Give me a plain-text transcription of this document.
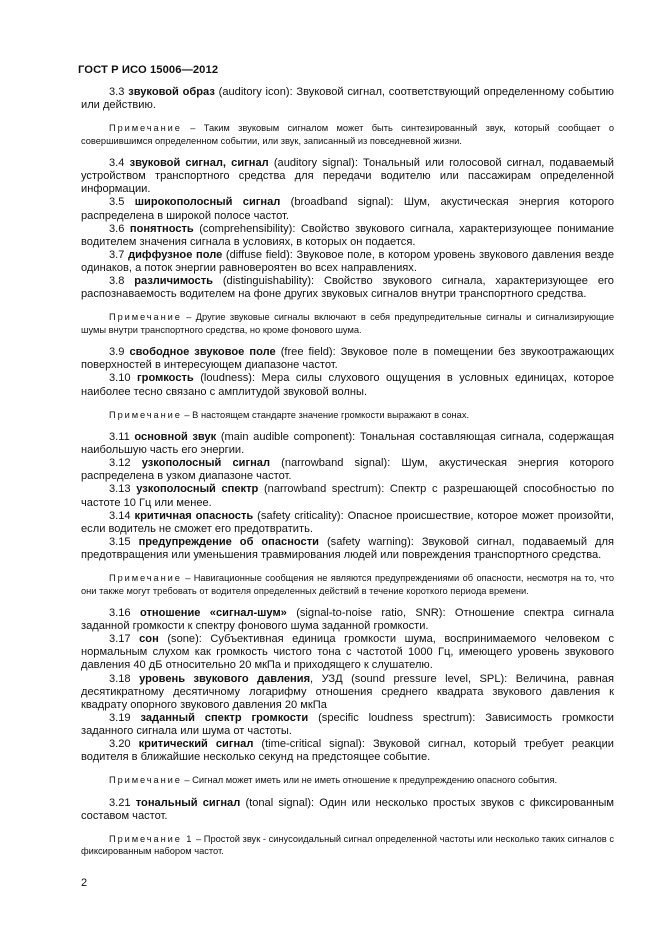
ГОСТ Р ИСО 15006—2012

3.3 звуковой образ (auditory icon): Звуковой сигнал, соответствующий определенному событию или действию.

Примечание – Таким звуковым сигналом может быть синтезированный звук, который сообщает о совершившимся определенном событии, или звук, записанный из повседневной жизни.

3.4 звуковой сигнал, сигнал (auditory signal): Тональный или голосовой сигнал, подаваемый устройством транспортного средства для передачи водителю или пассажирам определенной информации.

3.5 широкополосный сигнал (broadband signal): Шум, акустическая энергия которого распределена в широкой полосе частот.

3.6 понятность (comprehensibility): Свойство звукового сигнала, характеризующее понимание водителем значения сигнала в условиях, в которых он подается.

3.7 диффузное поле (diffuse field): Звуковое поле, в котором уровень звукового давления везде одинаков, а поток энергии равновероятен во всех направлениях.

3.8 различимость (distinguishability): Свойство звукового сигнала, характеризующее его распознаваемость водителем на фоне других звуковых сигналов внутри транспортного средства.

Примечание – Другие звуковые сигналы включают в себя предупредительные сигналы и сигнализирующие шумы внутри транспортного средства, но кроме фонового шума.

3.9 свободное звуковое поле (free field): Звуковое поле в помещении без звукоотражающих поверхностей в интересующем диапазоне частот.

3.10 громкость (loudness): Мера силы слухового ощущения в условных единицах, которое наиболее тесно связано с амплитудой звуковой волны.

Примечание – В настоящем стандарте значение громкости выражают в сонах.

3.11 основной звук (main audible component): Тональная составляющая сигнала, содержащая наибольшую часть его энергии.

3.12 узкополосный сигнал (narrowband signal): Шум, акустическая энергия которого распределена в узком диапазоне частот.

3.13 узкополосный спектр (narrowband spectrum): Спектр с разрешающей способностью по частоте 10 Гц или менее.

3.14 критичная опасность (safety criticality): Опасное происшествие, которое может произойти, если водитель не сможет его предотвратить.

3.15 предупреждение об опасности (safety warning): Звуковой сигнал, подаваемый для предотвращения или уменьшения травмирования людей или повреждения транспортного средства.

Примечание – Навигационные сообщения не являются предупреждениями об опасности, несмотря на то, что они также могут требовать от водителя определенных действий в течение короткого периода времени.

3.16 отношение «сигнал-шум» (signal-to-noise ratio, SNR): Отношение спектра сигнала заданной громкости к спектру фонового шума заданной громкости.

3.17 сон (sone): Субъективная единица громкости шума, воспринимаемого человеком с нормальным слухом как громкость чистого тона с частотой 1000 Гц, имеющего уровень звукового давления 40 дБ относительно 20 мкПа и приходящего к слушателю.

3.18 уровень звукового давления, УЗД (sound pressure level, SPL): Величина, равная десятикратному десятичному логарифму отношения среднего квадрата звукового давления к квадрату опорного звукового давления 20 мкПа

3.19 заданный спектр громкости (specific loudness spectrum): Зависимость громкости заданного сигнала или шума от частоты.

3.20 критический сигнал (time-critical signal): Звуковой сигнал, который требует реакции водителя в ближайшие несколько секунд на предстоящее событие.

Примечание – Сигнал может иметь или не иметь отношение к предупреждению опасного события.

3.21 тональный сигнал (tonal signal): Один или несколько простых звуков с фиксированным составом частот.

Примечание 1 – Простой звук - синусоидальный сигнал определенной частоты или несколько таких сигналов с фиксированным набором частот.

2
